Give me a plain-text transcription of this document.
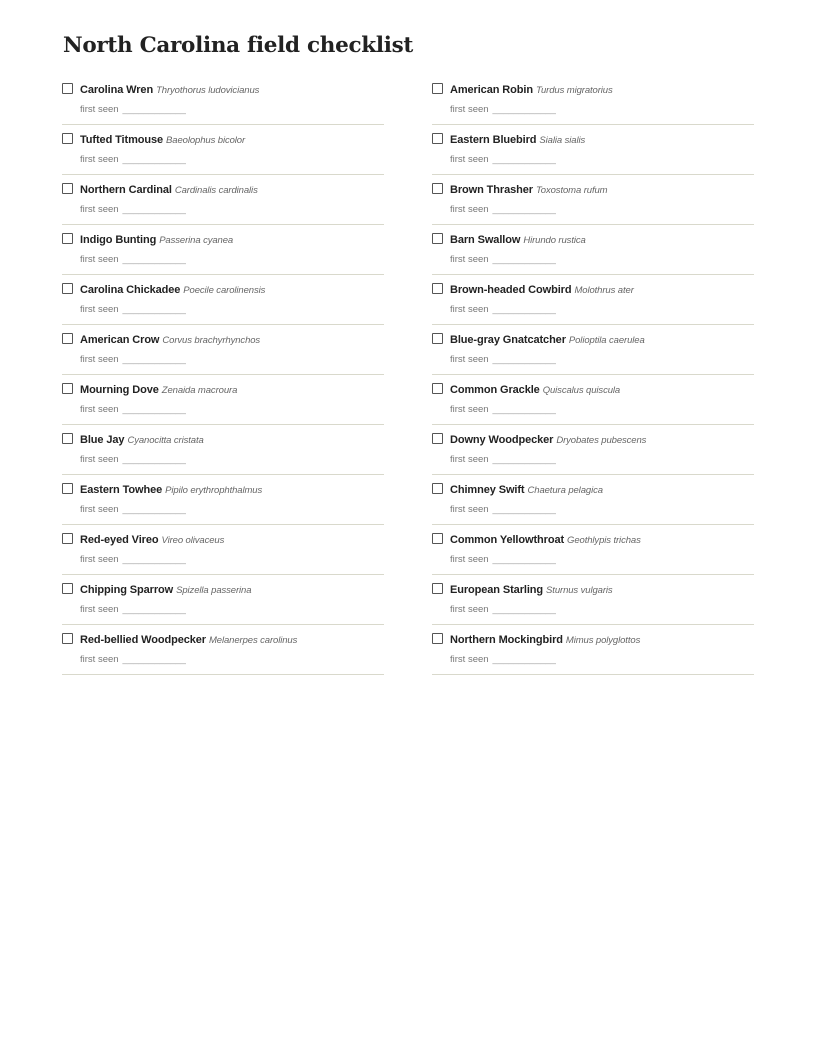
North Carolina field checklist
Carolina Wren Thryothorus ludovicianus
first seen ____________
Tufted Titmouse Baeolophus bicolor
first seen ____________
Northern Cardinal Cardinalis cardinalis
first seen ____________
Indigo Bunting Passerina cyanea
first seen ____________
Carolina Chickadee Poecile carolinensis
first seen ____________
American Crow Corvus brachyrhynchos
first seen ____________
Mourning Dove Zenaida macroura
first seen ____________
Blue Jay Cyanocitta cristata
first seen ____________
Eastern Towhee Pipilo erythrophthalmus
first seen ____________
Red-eyed Vireo Vireo olivaceus
first seen ____________
Chipping Sparrow Spizella passerina
first seen ____________
Red-bellied Woodpecker Melanerpes carolinus
first seen ____________
American Robin Turdus migratorius
first seen ____________
Eastern Bluebird Sialia sialis
first seen ____________
Brown Thrasher Toxostoma rufum
first seen ____________
Barn Swallow Hirundo rustica
first seen ____________
Brown-headed Cowbird Molothrus ater
first seen ____________
Blue-gray Gnatcatcher Polioptila caerulea
first seen ____________
Common Grackle Quiscalus quiscula
first seen ____________
Downy Woodpecker Dryobates pubescens
first seen ____________
Chimney Swift Chaetura pelagica
first seen ____________
Common Yellowthroat Geothlypis trichas
first seen ____________
European Starling Sturnus vulgaris
first seen ____________
Northern Mockingbird Mimus polyglottos
first seen ____________
